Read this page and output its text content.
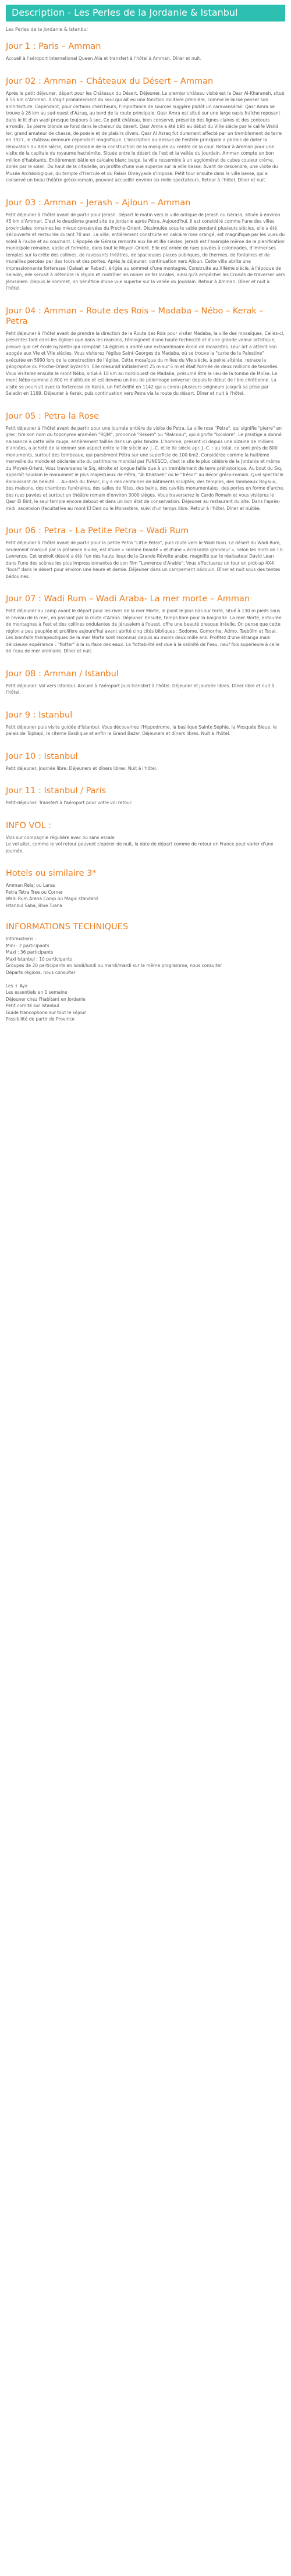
Description - Les Perles de la Jordanie & Istanbul

Les Perles de la Jordanie & Istanbul

Jour 1 : Paris – Amman

Accueil à l'aéroport international Queen Alia et transfert à l'hôtel à Amman. Dîner et nuit.

Jour 02 : Amman – Châteaux du Désert – Amman

Après le petit déjeuner, départ pour les Châteaux du Désert. Déjeuner. Le premier château visité est le Qasr Al-Kharaneh, situé à 55 km d'Amman. Il s'agit probablement du seul qui ait eu une fonction militaire première, comme le laisse penser son architecture. Cependant, pour certains chercheurs, l'importance de sources suggère plutôt un caravansérail. Qasr Amra se trouve à 26 km au sud-ouest d'Azraq, au bord de la route principale. Qasr Amra est situé sur une large oasis fraîche reposant dans le lit d'un wadi presque toujours à sec. Ce petit château, bien conservé, présente des lignes claires et des contours arrondis. Sa pierre blonde se fond dans le chaleur du désert. Qasr Amra a été bâti au début du VIIIe siècle par le calife Walid Ier, grand amateur de chasse, de poésie et de plaisirs divers. Qasr Al Azraq fut durement affecté par un tremblement de terre en 1927, le château demeure cependant magnifique. L'inscription au-dessus de l'entrée principale a permis de dater la rénovation du XIIIe siècle, date probable de la construction de la mosquée au centre de la cour. Retour à Amman pour une visite de la capitale du royaume hachémite. Située entre le désert de l'est et la vallée du Jourdain, Amman compte un bon million d'habitants. Entièrement bâtie en calcaire blanc beige, la ville ressemble à un agglomérat de cubes couleur crème, dorés par le soleil. Du haut de la citadelle, on profite d'une vue superbe sur la ville basse. Avant de descendre, une visite du Musée Archéologique, du temple d'Hercule et du Palais Omeyyade s'impose. Petit tour ensuite dans la ville basse, qui a conservé un beau théâtre gréco-romain, pouvant accueillir environ six mille spectateurs. Retour à l'hôtel. Dîner et nuit.

Jour 03 : Amman – Jerash – Ajloun – Amman

Petit déjeuner à l'hôtel avant de partir pour Jerash. Départ le matin vers la ville antique de Jerash ou Gérasa, située à environ 45 km d'Amman. C'est le deuxième grand site de Jordanie après Pétra. Aujourd'hui, il est considéré comme l'une des villes provinciales romaines les mieux conservées du Proche-Orient. Dissimulée sous le sable pendant plusieurs siècles, elle a été découverte et restaurée durant 70 ans. La ville, entièrement construite en calcaire rose orangé, est magnifique par les vues du soleil à l'aube et au couchant. L'épopée de Gérasa remonte aux IIe et IIIe siècles. Jerash est l'exemple même de la planification municipale romaine, vaste et formelle, dans tout le Moyen-Orient. Elle est ornée de rues pavées à colonnades, d'immenses temples sur la crête des collines, de ravissants théâtres, de spacieuses places publiques, de thermes, de fontaines et de murailles percées par des tours et des portes. Après le déjeuner, continuation vers Ajloun. Cette ville abrite une impressionnante forteresse (Qalaat ar Rabad), érigée au sommet d'une montagne. Construite au XIIème siècle, à l'époque de Saladin, elle servait à défendre la région et contrôler les mines de fer locales, ainsi qu'à empêcher les Croisés de traverser vers Jérusalem. Depuis le sommet, on bénéficie d'une vue superbe sur la vallée du Jourdain. Retour à Amman. Dîner et nuit à l'hôtel.

Jour 04 : Amman – Route des Rois – Madaba – Nébo – Kerak – Petra

Petit déjeuner à l'hôtel avant de prendre la direction de la Route des Rois pour visiter Madaba, la ville des mosaïques. Celles-ci, présentes tant dans les églises que dans les maisons, témoignent d'une haute technicité et d'une grande valeur artistique, preuve que cet école byzantin qui comptait 14 églises a abrité une extraordinaire école de mosaïstes. Leur art a atteint son apogée aux VIe et VIIe siècles. Vous visiterez l'église Saint-Georges de Madaba, où se trouve la "carte de la Palestine" exécutée en 5990 lors de la construction de l'église. Cette mosaïque du milieu du VIe siècle, à peine altérée, retrace la géographie du Proche-Orient byzantin. Elle mesurait initialement 25 m sur 5 m et était formée de deux millions de tesselles. Vous visiterez ensuite le mont Nébo, situé à 10 km au nord-ouest de Madaba, présumé être le lieu de la tombe de Moïse. Le mont Nébo culmine à 800 m d'altitude et est devenu un lieu de pèlerinage universel depuis le début de l'ère chrétienne. La visite se poursuit avec la forteresse de Kerak, un fief édifié en 1142 qui a connu plusieurs seigneurs jusqu'à sa prise par Saladin en 1189. Déjeuner à Kerak, puis continuation vers Petra via la route du désert. Dîner et nuit à l'hôtel.

Jour 05 : Petra la Rose

Petit déjeuner à l'hôtel avant de partir pour une journée entière de visite de Petra. La ville rose "Pétra", qui signifie "pierre" en grec, tire son nom du toponyme araméen "RQM", prononcé "Rekem" ou "Rakmou", qui signifie "bicolore". Le prestige a donné naissance à cette ville rouge, entièrement taillée dans un grès tendre. L'homme, présent ici depuis une dizaine de milliers d'années, a acheté de la donner son aspect entre le IIIe siècle av. J.-C. et le IIe siècle apr. J.-C. : au total, ce sont près de 800 monuments, surtout des tombeaux, qui parsèment Pétra sur une superficie de 100 km2. Considérée comme la huitième merveille du monde et déclarée site du patrimoine mondial par l'UNESCO, c'est le site le plus célèbre de la Jordanie et même du Moyen-Orient. Vous traverserez le Siq, étroite et longue faille due à un tremblement de terre préhistorique. Au bout du Siq, apparaît soudain le monument le plus majestueux de Pétra, "Al Khazneh" ou le "Trésor" au décor gréco-romain. Quel spectacle éblouissant de beauté.... Au-delà du Trésor, il y a des centaines de bâtiments sculptés, des temples, des Tombeaux Royaux, des maisons, des chambres funéraires, des salles de fêtes, des bains, des cavités monumentales, des portes en forme d'arche, des rues pavées et surtout un théâtre romain d'environ 3000 sièges. Vous traverserez le Cardo Romain et vous visiterez le Qasr El Bint, le seul temple encore debout et dans un bon état de conservation. Déjeuner au restaurant du site. Dans l'après-midi, ascension (facultative au mont El Deir ou le Monastère, suivi d'un temps libre. Retour à l'hôtel. Dîner et nuitée.

Jour 06 : Petra – La Petite Petra – Wadi Rum

Petit déjeuner à l'hôtel avant de partir pour la petite Petra "Little Petra", puis route vers le Wadi Rum. Le désert du Wadi Rum, seulement marqué par la présence divine, est d'une « sereine beauté » et d'une « écrasante grandeur », selon les mots de T.E. Lawrence. Cet endroit désolé a été l'un des hauts lieux de la Grande Révolte arabe, magnifié par le réalisateur David Lean dans l'une des scènes les plus impressionnantes de son film "Lawrence d'Arabie". Vous effectuerez un tour en pick-up 4X4 "local" dans le désert pour environ une heure et demie. Déjeuner dans un campement bédouin. Dîner et nuit sous des tentes bédouines.

Jour 07 : Wadi Rum – Wadi Araba- La mer morte – Amman

Petit déjeuner au camp avant le départ pour les rives de la mer Morte, le point le plus bas sur terre, situé à 130 m pieds sous le niveau de la mer, en passant par la route d'Araba. Déjeuner. Ensuite, temps libre pour la baignade. La mer Morte, entourée de montagnes à l'est et des collines ondulantes de Jérusalem à l'ouest, offre une beauté presque irréelle. On pense que cette région a peu peuplée et prolifère aujourd'hui avant abrité cinq cités bibliques : Sodome, Gomorrhe, Admo, Tsebôïm et Tsoar. Les bienfaits thérapeutiques de la mer Morte sont reconnus depuis au moins deux mille ans. Profitez d'une étrange mais délicieuse expérience : "flotter" à la surface des eaux. La flottabilité est due à la salinité de l'eau, neuf fois supérieure à celle de l'eau de mer ordinaire. Dîner et nuit.

Jour 08 : Amman / Istanbul

Petit déjeuner. Vol vers Istanbul. Accueil à l'aéroport puis transfert à l'hôtel. Déjeuner et journée libres. Dîner libre et nuit à l'hôtel.

Jour 9 : Istanbul

Petit déjeuner puis visite guidée d'Istanbul. Vous découvrirez l'Hippodrome, la basilique Sainte Sophie, la Mosquée Bleue, le palais de Topkapi, la citerne Basilique et enfin le Grand Bazar. Déjeuners et dîners libres. Nuit à l'hôtel.

Jour 10 : Istanbul

Petit déjeuner. Journée libre. Déjeuners et dîners libres. Nuit à l'hôtel.

Jour 11 : Istanbul / Paris

Petit-déjeuner. Transfert à l'aéroport pour votre vol retour.

INFO VOL :

Vols sur compagnie régulière avec ou sans escale

Le vol aller, comme le vol retour peuvent s'opérer de nuit, la date de départ comme de retour en France peut varier d'une journée.

Hotels ou similaire 3*

Amman Relaj ou Larsa

Petra Tetra Tree ou Corner

Wadi Rum Arena Comp ou Magic standard

Istanbul Saba, Blue Tuana

INFORMATIONS TECHNIQUES

Informations :

Mini : 2 participants

Maxi : 36 participants

Maxi Istanbul : 10 participants

Groupes de 20 participants en lundi/lundi ou mardi/mardi sur le même programme, nous consulter

Départs régions, nous consulter

Les + Aya

Les essentiels en 1 semaine

Déjeuner chez l'habitant en Jordanie

Petit comité sur Istanbul

Guide francophone sur tout le séjour

Possibilité de partir de Province
